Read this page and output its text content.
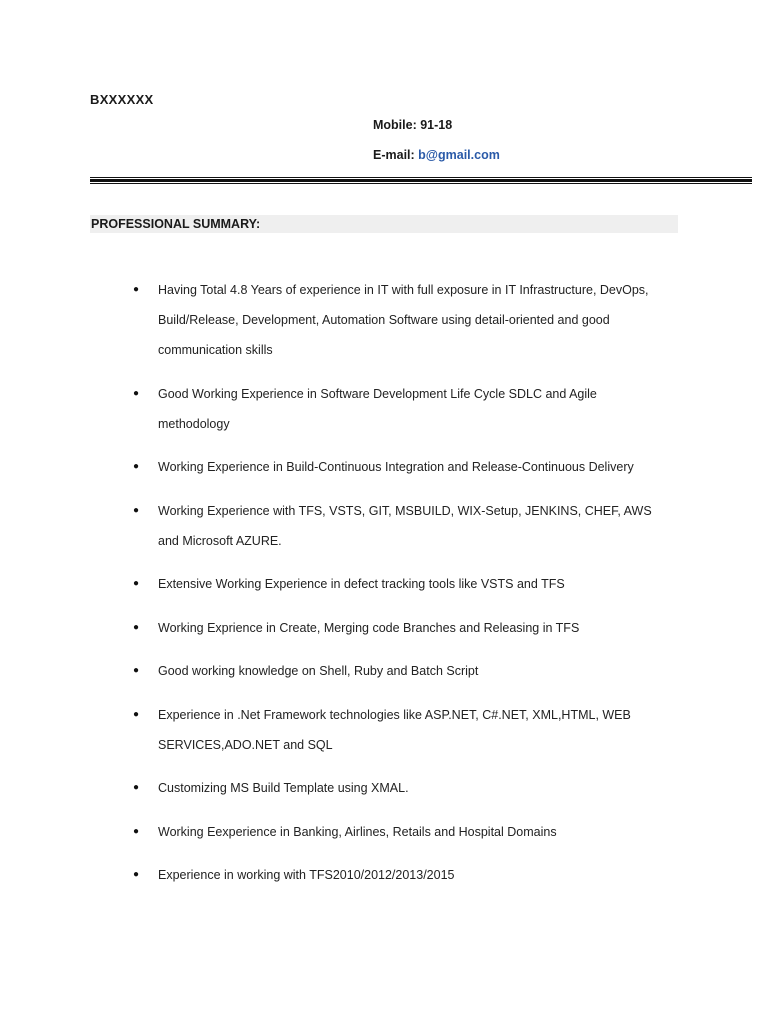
BXXXXXX
Mobile: 91-18
E-mail: b@gmail.com
PROFESSIONAL SUMMARY:
● Having Total 4.8 Years of experience in IT with full exposure in IT Infrastructure, DevOps, Build/Release, Development, Automation Software using detail-oriented and good communication skills
● Good Working Experience in Software Development Life Cycle SDLC and Agile methodology
● Working Experience in Build-Continuous Integration and Release-Continuous Delivery
● Working Experience with TFS, VSTS, GIT, MSBUILD, WIX-Setup, JENKINS, CHEF, AWS and Microsoft AZURE.
● Extensive Working Experience in defect tracking tools like VSTS and TFS
● Working Exprience in Create, Merging code Branches and Releasing in TFS
● Good working knowledge on Shell, Ruby and Batch Script
● Experience in .Net Framework technologies like ASP.NET, C#.NET, XML,HTML, WEB SERVICES,ADO.NET and SQL
● Customizing MS Build Template using XMAL.
● Working Eexperience in Banking, Airlines, Retails and Hospital Domains
● Experience in working with TFS2010/2012/2013/2015
